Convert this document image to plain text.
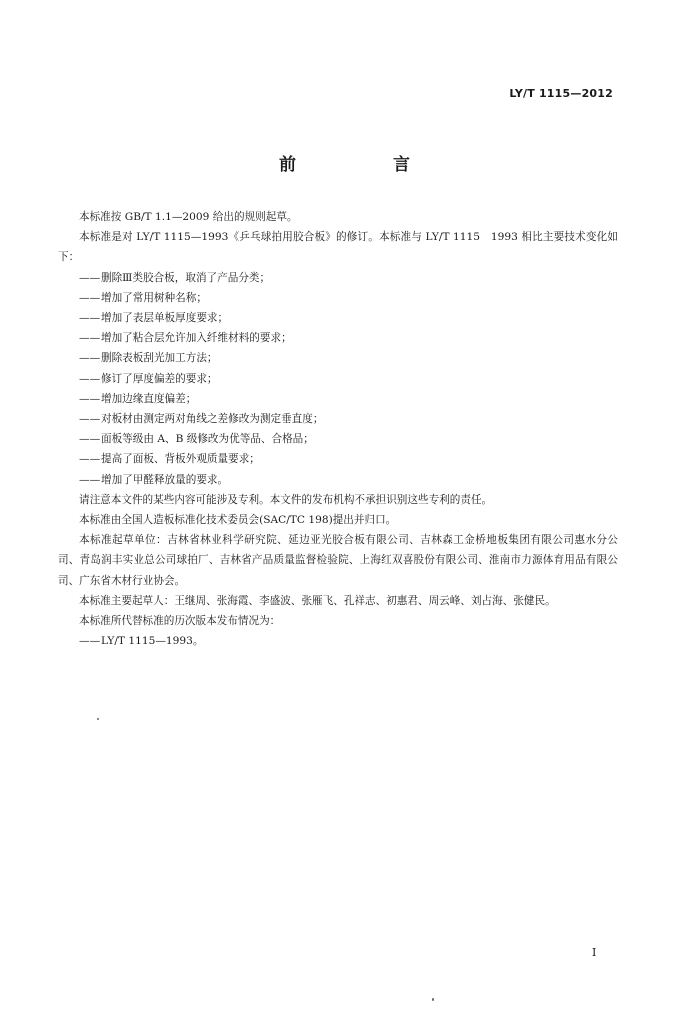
LY/T 1115—2012
前　言

本标准按 GB/T 1.1—2009 给出的规则起草。

本标准是对 LY/T 1115—1993《乒乓球拍用胶合板》的修订。本标准与 LY/T 1115　1993 相比主要技术变化如下：

——删除Ⅲ类胶合板，取消了产品分类；

——增加了常用树种名称；

——增加了表层单板厚度要求；

——增加了粘合层允许加入纤维材料的要求；

——删除表板刮光加工方法；

——修订了厚度偏差的要求；

——增加边缘直度偏差；

——对板材由测定两对角线之差修改为测定垂直度；

——面板等级由 A、B 级修改为优等品、合格品；

——提高了面板、背板外观质量要求；

——增加了甲醛释放量的要求。

请注意本文件的某些内容可能涉及专利。本文件的发布机构不承担识别这些专利的责任。

本标准由全国人造板标准化技术委员会(SAC/TC 198)提出并归口。

本标准起草单位：吉林省林业科学研究院、延边亚光胶合板有限公司、吉林森工金桥地板集团有限公司惠水分公司、青岛润丰实业总公司球拍厂、吉林省产品质量监督检验院、上海红双喜股份有限公司、淮南市力源体育用品有限公司、广东省木材行业协会。

本标准主要起草人：王继周、张海霞、李盛波、张雁飞、孔祥志、初惠君、周云峰、刘占海、张健民。

本标准所代替标准的历次版本发布情况为：

——LY/T 1115—1993。

I
